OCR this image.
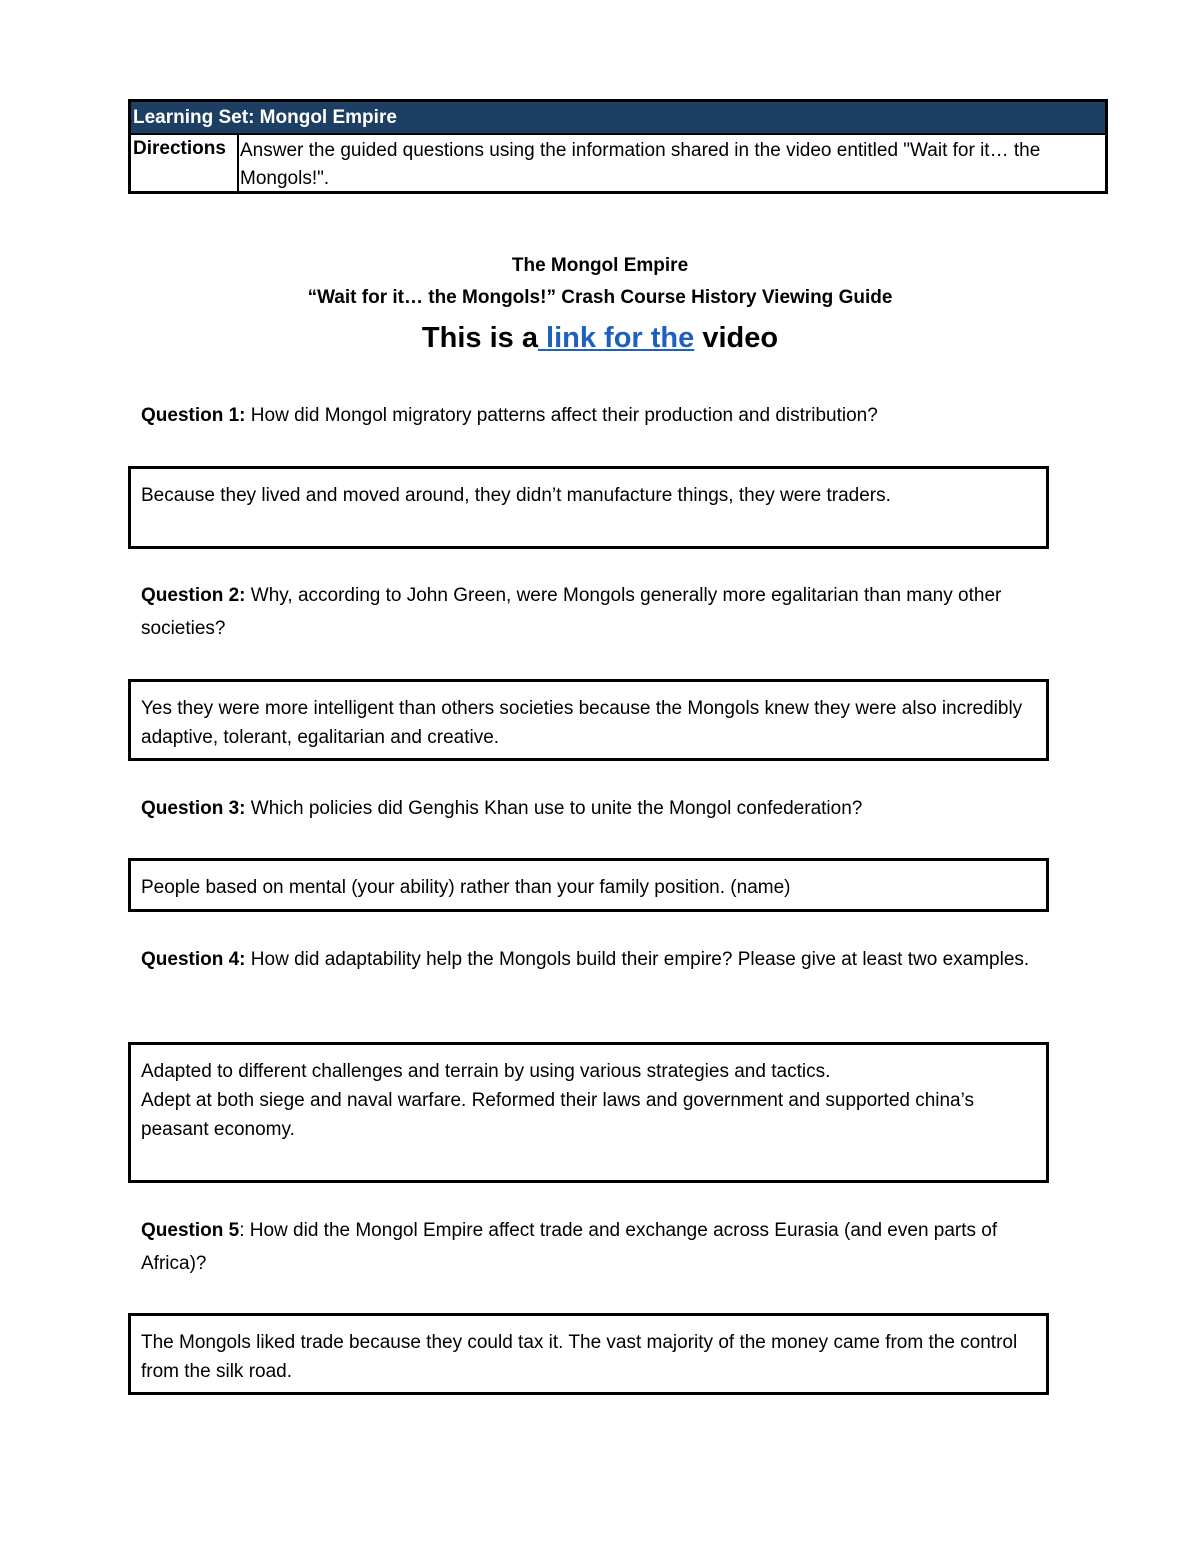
Learning Set: Mongol Empire
Directions Answer the guided questions using the information shared in the video entitled "Wait for it… the Mongols!".
The Mongol Empire
“Wait for it… the Mongols!” Crash Course History Viewing Guide
This is a link for the video
Question 1: How did Mongol migratory patterns affect their production and distribution?
Because they lived and moved around, they didn’t manufacture things, they were traders.
Question 2: Why, according to John Green, were Mongols generally more egalitarian than many other societies?
Yes they were more intelligent than others societies because the Mongols knew they were also incredibly adaptive, tolerant, egalitarian and creative.
Question 3: Which policies did Genghis Khan use to unite the Mongol confederation?
People based on mental (your ability) rather than your family position. (name)
Question 4: How did adaptability help the Mongols build their empire? Please give at least two examples.
Adapted to different challenges and terrain by using various strategies and tactics.
Adept at both siege and naval warfare. Reformed their laws and government and supported china’s peasant economy.
Question 5: How did the Mongol Empire affect trade and exchange across Eurasia (and even parts of Africa)?
The Mongols liked trade because they could tax it. The vast majority of the money came from the control from the silk road.
